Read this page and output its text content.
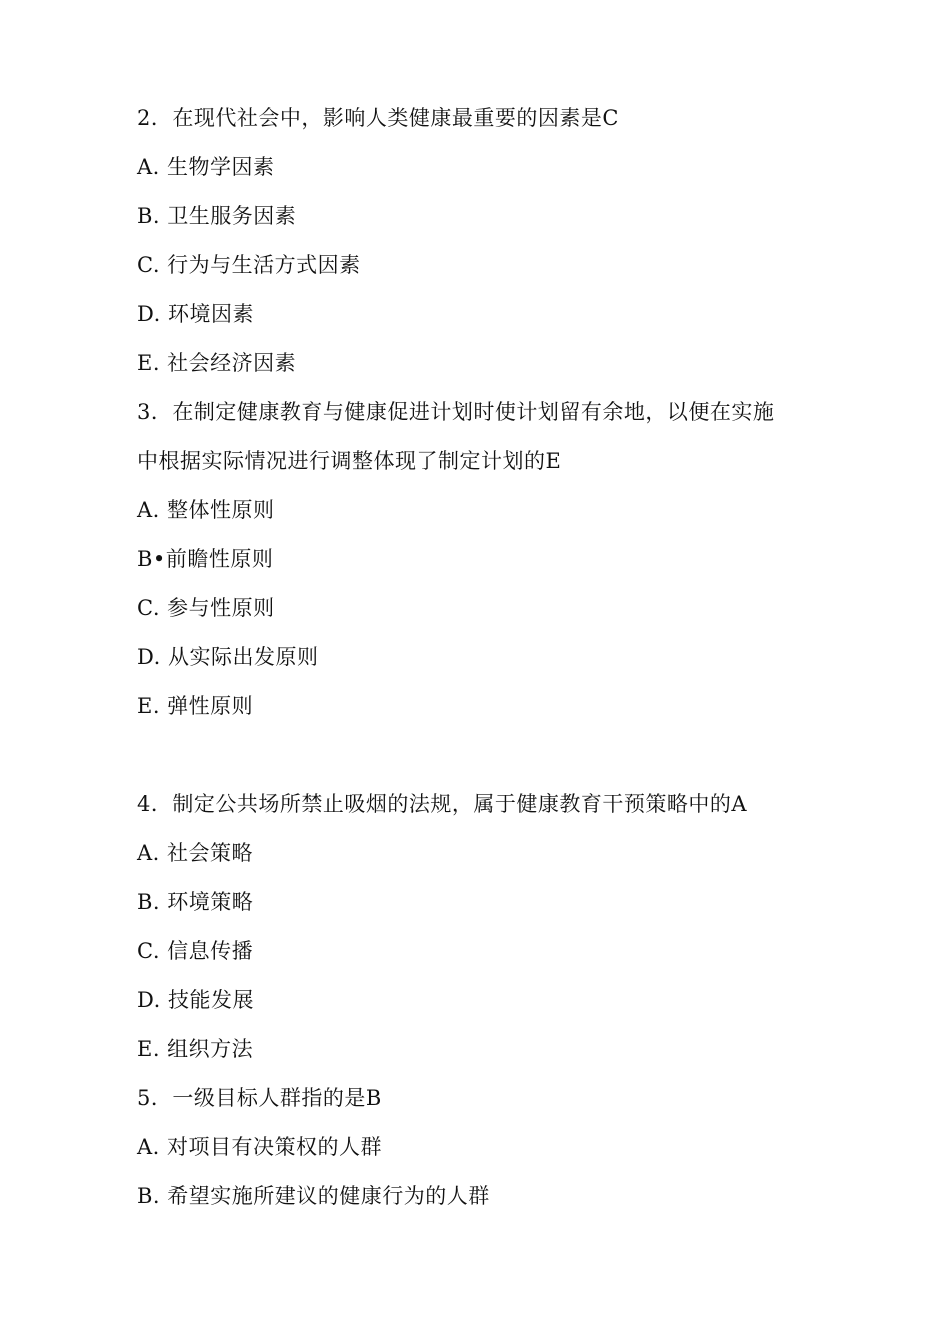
2．在现代社会中，影响人类健康最重要的因素是C
A. 生物学因素
B. 卫生服务因素
C. 行为与生活方式因素
D. 环境因素
E. 社会经济因素
3．在制定健康教育与健康促进计划时使计划留有余地，以便在实施
中根据实际情况进行调整体现了制定计划的E
A. 整体性原则
B•前瞻性原则
C. 参与性原则
D. 从实际出发原则
E. 弹性原则
4．制定公共场所禁止吸烟的法规，属于健康教育干预策略中的A
A. 社会策略
B. 环境策略
C. 信息传播
D. 技能发展
E. 组织方法
5．一级目标人群指的是B
A. 对项目有决策权的人群
B. 希望实施所建议的健康行为的人群
